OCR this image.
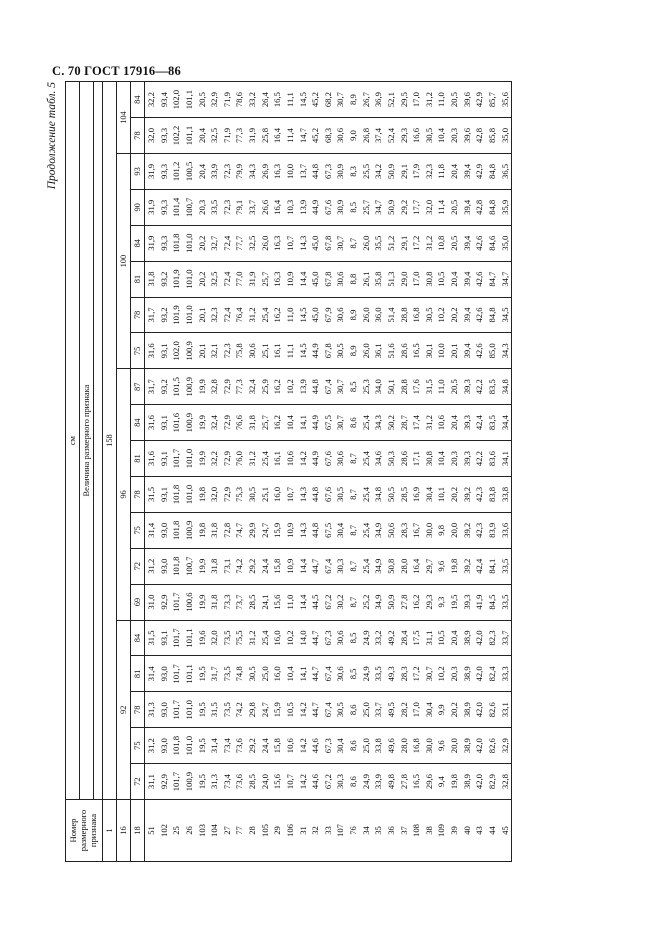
С. 70 ГОСТ 17916—86
Продолжение табл. 5
Номер размерного признака	см																			
	Величина размерного признака																			

1	158																			
16	92					96							100						104	
18	72	75	78	81	84	69	72	75	78	81	84	87	75	78	81	84	90	93	78	84
51	31,1	31,2	31,3	31,4	31,5	31,0	31,2	31,4	31,5	31,6	31,6	31,7	31,6	31,7	31,8	31,9	31,9	31,9	32,0	32,2
102	92,9	93,0	93,0	93,0	93,1	92,9	93,0	93,0	93,1	93,1	93,1	93,2	93,1	93,2	93,2	93,3	93,3	93,3	93,3	93,4
25	101,7	101,8	101,7	101,7	101,7	101,7	101,8	101,8	101,8	101,7	101,6	101,5	102,0	101,9	101,9	101,8	101,4	101,2	102,2	102,0
26	100,9	101,0	101,0	101,1	101,1	100,6	100,7	100,9	101,0	101,0	100,9	100,9	100,9	101,0	101,0	101,0	100,7	100,5	101,1	101,1
103	19,5	19,5	19,5	19,5	19,6	19,9	19,9	19,8	19,8	19,9	19,9	19,9	20,1	20,1	20,2	20,2	20,3	20,4	20,4	20,5
104	31,3	31,4	31,5	31,7	32,0	31,8	31,8	31,8	32,0	32,2	32,4	32,8	32,1	32,3	32,5	32,7	33,5	33,9	32,5	32,9
27	73,4	73,4	73,5	73,5	73,5	73,3	73,1	72,8	72,9	72,9	72,9	72,9	72,3	72,4	72,4	72,4	72,3	72,3	71,9	71,9
77	73,6	73,6	74,2	74,8	75,5	73,7	74,2	74,7	75,3	76,0	76,6	77,3	75,8	76,4	77,0	77,7	79,1	79,9	77,3	78,6
28	28,5	29,2	29,8	30,5	31,2	28,5	29,2	29,9	30,5	31,2	31,8	32,4	30,6	31,2	31,9	32,5	33,7	34,3	31,9	33,2
105	24,0	24,4	24,7	25,0	25,4	24,1	24,4	24,7	25,1	25,4	25,7	25,9	25,1	25,4	25,7	26,0	26,6	26,9	25,8	26,4
29	15,6	15,8	15,9	16,0	16,0	15,6	15,8	15,9	16,0	16,1	16,2	16,2	16,1	16,2	16,3	16,3	16,4	16,3	16,4	16,5
106	10,7	10,6	10,5	10,4	10,2	11,0	10,9	10,9	10,7	10,6	10,4	10,2	11,1	11,0	10,9	10,7	10,3	10,0	11,4	11,1
31	14,2	14,2	14,2	14,1	14,0	14,4	14,4	14,3	14,3	14,2	14,1	13,9	14,5	14,5	14,4	14,3	13,9	13,7	14,7	14,5
32	44,6	44,6	44,7	44,7	44,7	44,5	44,7	44,8	44,8	44,9	44,9	44,8	44,9	45,0	45,0	45,0	44,9	44,8	45,2	45,2
33	67,2	67,3	67,4	67,4	67,3	67,2	67,4	67,5	67,6	67,6	67,5	67,4	67,8	67,9	67,8	67,8	67,6	67,3	68,3	68,2
107	30,3	30,4	30,5	30,6	30,6	30,2	30,3	30,4	30,5	30,6	30,7	30,7	30,5	30,6	30,6	30,7	30,9	30,9	30,6	30,7
76	8,6	8,6	8,6	8,5	8,5	8,7	8,7	8,7	8,7	8,7	8,6	8,5	8,9	8,9	8,8	8,7	8,5	8,3	9,0	8,9
34	24,9	25,0	25,0	24,9	24,9	25,2	25,4	25,4	25,4	25,4	25,4	25,3	26,0	26,0	26,1	26,0	25,7	25,5	26,8	26,7
35	33,9	33,8	33,7	33,5	33,2	34,9	34,9	34,9	34,8	34,6	34,3	34,0	36,1	36,0	35,8	35,5	34,7	34,2	37,4	36,9
36	49,8	49,6	49,5	49,3	49,2	50,9	50,8	50,6	50,5	50,3	50,2	50,1	51,6	51,4	51,3	51,2	50,9	50,9	52,4	52,1
37	27,8	28,0	28,2	28,3	28,4	27,8	28,0	28,3	28,5	28,6	28,7	28,8	28,6	28,8	29,0	29,1	29,2	29,1	29,3	29,5
108	16,5	16,8	17,0	17,2	17,5	16,2	16,4	16,7	16,9	17,1	17,4	17,6	16,5	16,8	17,0	17,2	17,7	17,9	16,6	17,0
38	29,6	30,0	30,4	30,7	31,1	29,3	29,7	30,0	30,4	30,8	31,2	31,5	30,1	30,5	30,8	31,2	32,0	32,3	30,5	31,2
109	9,4	9,6	9,9	10,2	10,5	9,3	9,6	9,8	10,1	10,4	10,6	11,0	10,0	10,2	10,5	10,8	11,4	11,8	10,4	11,0
39	19,8	20,0	20,2	20,3	20,4	19,5	19,8	20,0	20,2	20,3	20,4	20,5	20,1	20,2	20,4	20,5	20,5	20,4	20,3	20,5
40	38,9	38,9	38,9	38,9	38,9	39,3	39,2	39,2	39,2	39,3	39,3	39,3	39,4	39,4	39,4	39,4	39,4	39,4	39,6	39,6
43	42,0	42,0	42,0	42,0	42,0	41,9	42,4	42,3	42,3	42,2	42,4	42,2	42,6	42,6	42,6	42,6	42,8	42,9	42,8	42,9
44	82,9	82,6	82,6	82,4	82,3	84,5	84,1	83,9	83,8	83,6	83,5	83,5	85,0	84,8	84,7	84,6	84,8	84,8	85,8	85,7
45	32,8	32,9	33,1	33,3	33,7	33,5	33,5	33,6	33,8	34,1	34,4	34,8	34,3	34,5	34,7	35,0	35,9	36,5	35,0	35,6
